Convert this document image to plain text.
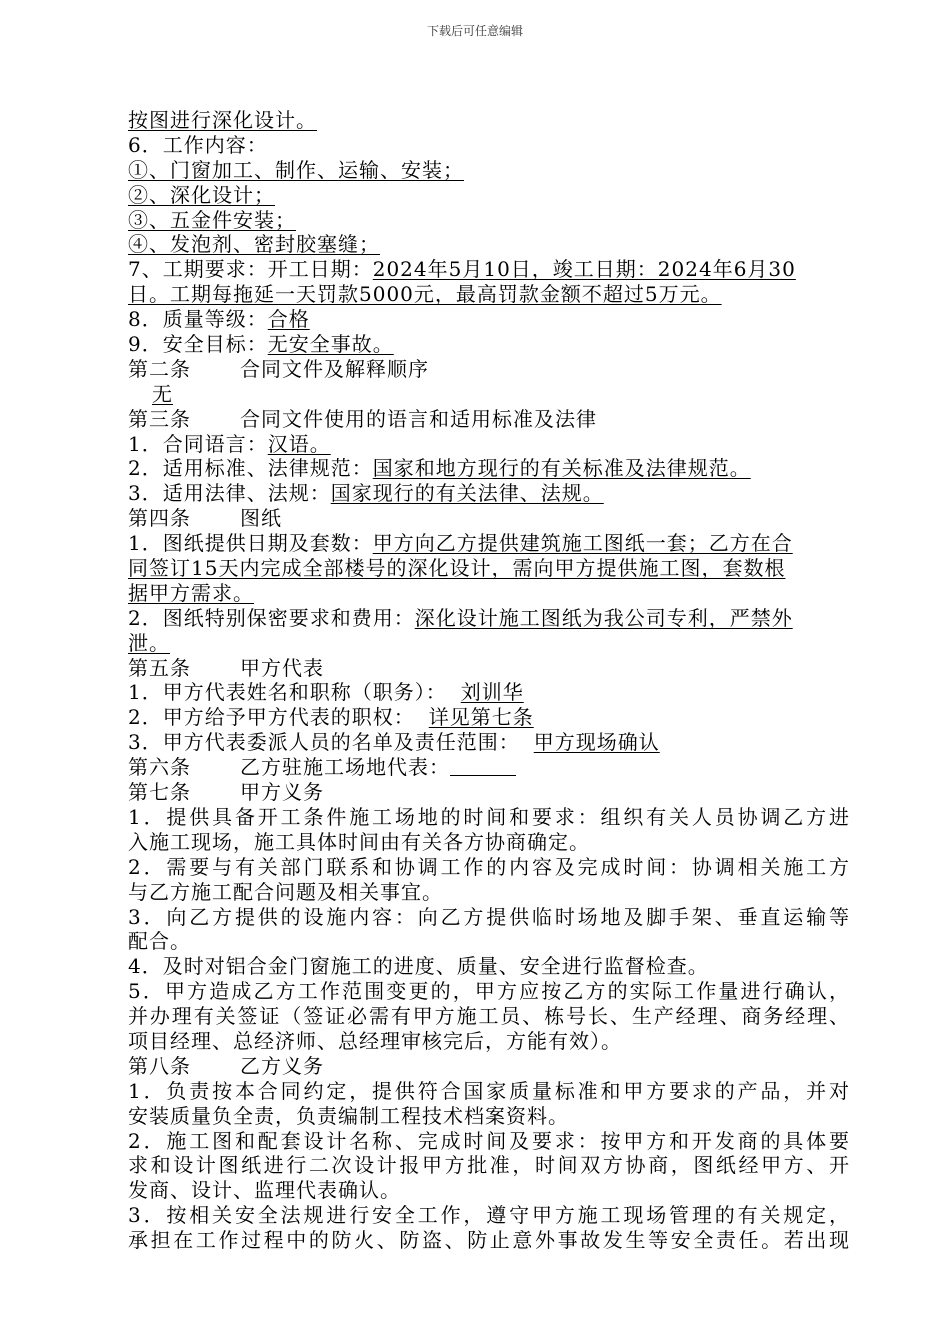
下载后可任意编辑
按图进行深化设计。
6．工作内容：
①、门窗加工、制作、运输、安装；
②、深化设计；
③、五金件安装；
④、发泡剂、密封胶塞缝；
7、工期要求：开工日期：2024年5月10日，竣工日期：2024年6月30
日。工期每拖延一天罚款5000元，最高罚款金额不超过5万元。
8．质量等级：合格
9．安全目标：无安全事故。
第二条 合同文件及解释顺序
无
第三条 合同文件使用的语言和适用标准及法律
1．合同语言：汉语。
2．适用标准、法律规范：国家和地方现行的有关标准及法律规范。
3．适用法律、法规：国家现行的有关法律、法规。
第四条 图纸
1．图纸提供日期及套数：甲方向乙方提供建筑施工图纸一套；乙方在合
同签订15天内完成全部楼号的深化设计，需向甲方提供施工图，套数根
据甲方需求。
2．图纸特别保密要求和费用：深化设计施工图纸为我公司专利，严禁外
泄。
第五条 甲方代表
1．甲方代表姓名和职称（职务）： 刘训华
2．甲方给予甲方代表的职权： 详见第七条
3．甲方代表委派人员的名单及责任范围： 甲方现场确认
第六条 乙方驻施工场地代表：
第七条 甲方义务
1．提供具备开工条件施工场地的时间和要求：组织有关人员协调乙方进
入施工现场，施工具体时间由有关各方协商确定。
2．需要与有关部门联系和协调工作的内容及完成时间：协调相关施工方
与乙方施工配合问题及相关事宜。
3．向乙方提供的设施内容：向乙方提供临时场地及脚手架、垂直运输等
配合。
4．及时对铝合金门窗施工的进度、质量、安全进行监督检查。
5．甲方造成乙方工作范围变更的，甲方应按乙方的实际工作量进行确认，
并办理有关签证（签证必需有甲方施工员、栋号长、生产经理、商务经理、
项目经理、总经济师、总经理审核完后，方能有效）。
第八条 乙方义务
1．负责按本合同约定，提供符合国家质量标准和甲方要求的产品，并对
安装质量负全责，负责编制工程技术档案资料。
2．施工图和配套设计名称、完成时间及要求：按甲方和开发商的具体要
求和设计图纸进行二次设计报甲方批准，时间双方协商，图纸经甲方、开
发商、设计、监理代表确认。
3．按相关安全法规进行安全工作，遵守甲方施工现场管理的有关规定，
承担在工作过程中的防火、防盗、防止意外事故发生等安全责任。若出现
